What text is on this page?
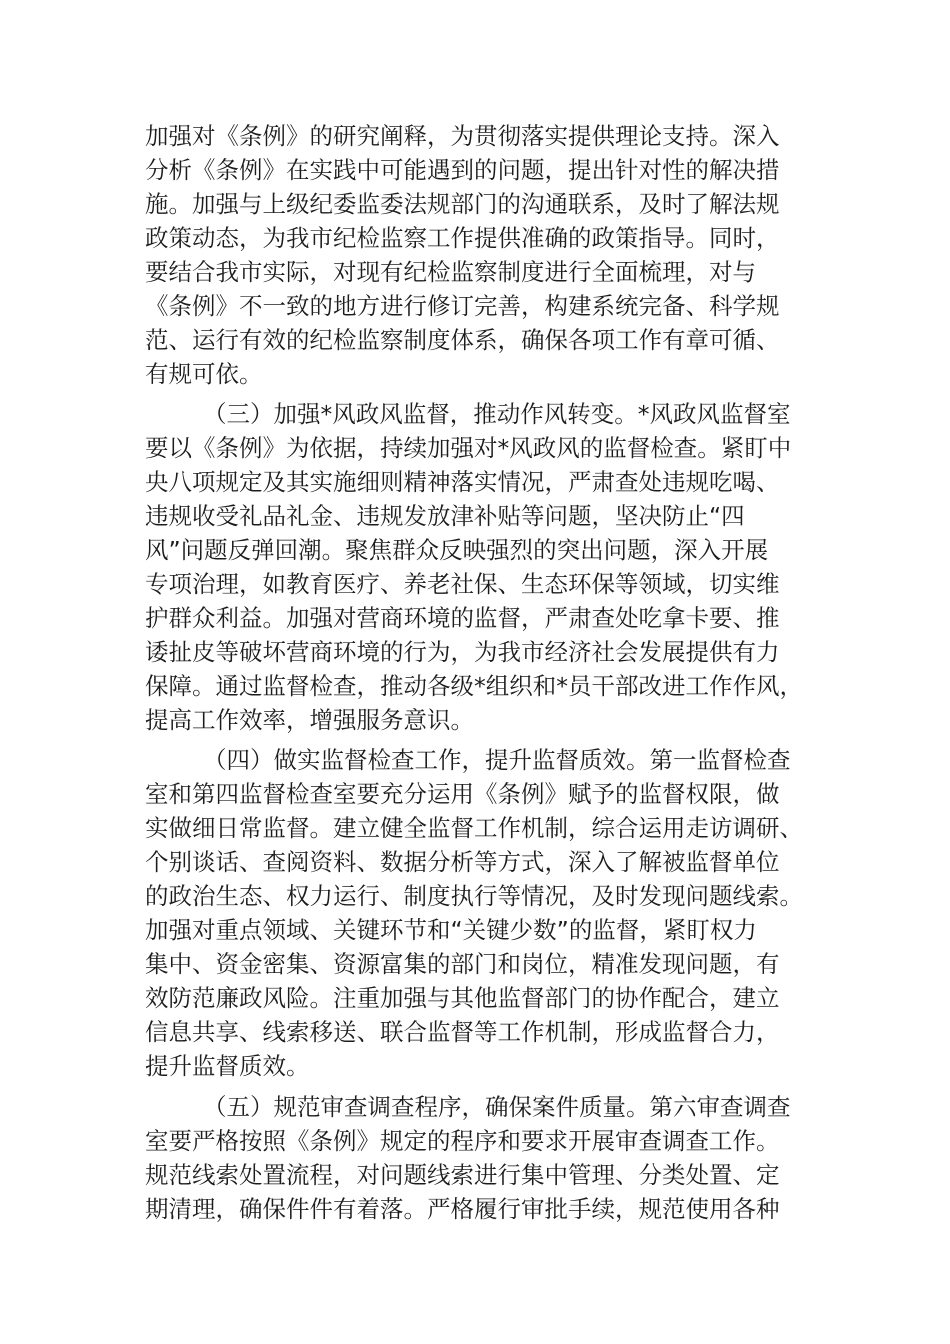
加强对《条例》的研究阐释，为贯彻落实提供理论支持。深入
分析《条例》在实践中可能遇到的问题，提出针对性的解决措
施。加强与上级纪委监委法规部门的沟通联系，及时了解法规
政策动态，为我市纪检监察工作提供准确的政策指导。同时，
要结合我市实际，对现有纪检监察制度进行全面梳理，对与
《条例》不一致的地方进行修订完善，构建系统完备、科学规
范、运行有效的纪检监察制度体系，确保各项工作有章可循、
有规可依。
（三）加强*风政风监督，推动作风转变。*风政风监督室
要以《条例》为依据，持续加强对*风政风的监督检查。紧盯中
央八项规定及其实施细则精神落实情况，严肃查处违规吃喝、
违规收受礼品礼金、违规发放津补贴等问题，坚决防止“四
风”问题反弹回潮。聚焦群众反映强烈的突出问题，深入开展
专项治理，如教育医疗、养老社保、生态环保等领域，切实维
护群众利益。加强对营商环境的监督，严肃查处吃拿卡要、推
诿扯皮等破坏营商环境的行为，为我市经济社会发展提供有力
保障。通过监督检查，推动各级*组织和*员干部改进工作作风，
提高工作效率，增强服务意识。
（四）做实监督检查工作，提升监督质效。第一监督检查
室和第四监督检查室要充分运用《条例》赋予的监督权限，做
实做细日常监督。建立健全监督工作机制，综合运用走访调研、
个别谈话、查阅资料、数据分析等方式，深入了解被监督单位
的政治生态、权力运行、制度执行等情况，及时发现问题线索。
加强对重点领域、关键环节和“关键少数”的监督，紧盯权力
集中、资金密集、资源富集的部门和岗位，精准发现问题，有
效防范廉政风险。注重加强与其他监督部门的协作配合，建立
信息共享、线索移送、联合监督等工作机制，形成监督合力，
提升监督质效。
（五）规范审查调查程序，确保案件质量。第六审查调查
室要严格按照《条例》规定的程序和要求开展审查调查工作。
规范线索处置流程，对问题线索进行集中管理、分类处置、定
期清理，确保件件有着落。严格履行审批手续，规范使用各种
